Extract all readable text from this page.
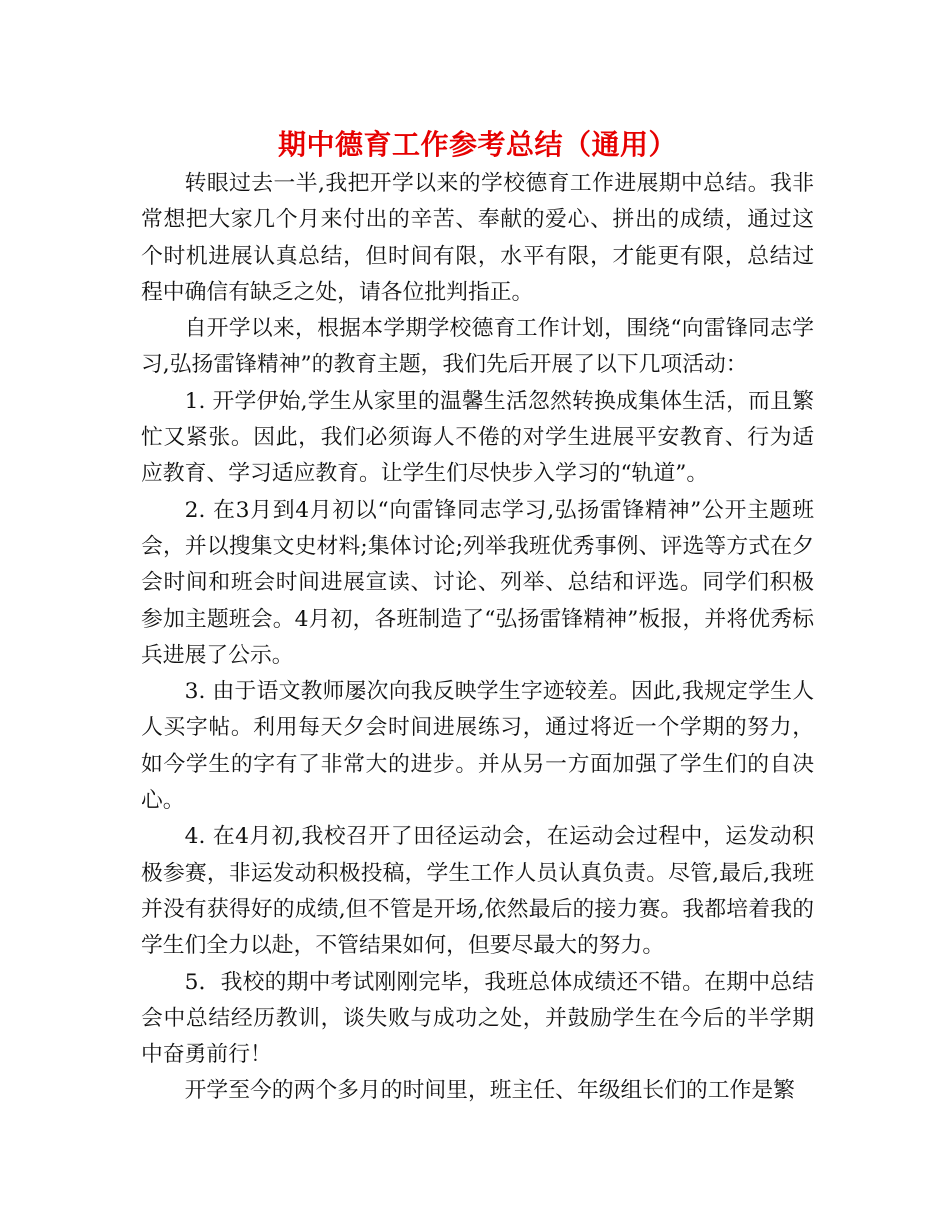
期中德育工作参考总结（通用）

转眼过去一半,我把开学以来的学校德育工作进展期中总结。我非常想把大家几个月来付出的辛苦、奉献的爱心、拼出的成绩，通过这个时机进展认真总结，但时间有限，水平有限，才能更有限，总结过程中确信有缺乏之处，请各位批判指正。

自开学以来，根据本学期学校德育工作计划，围绕“向雷锋同志学习,弘扬雷锋精神”的教育主题，我们先后开展了以下几项活动：

1. 开学伊始,学生从家里的温馨生活忽然转换成集体生活，而且繁忙又紧张。因此，我们必须诲人不倦的对学生进展平安教育、行为适应教育、学习适应教育。让学生们尽快步入学习的“轨道”。

2. 在3月到4月初以“向雷锋同志学习,弘扬雷锋精神”公开主题班会，并以搜集文史材料;集体讨论;列举我班优秀事例、评选等方式在夕会时间和班会时间进展宣读、讨论、列举、总结和评选。同学们积极参加主题班会。4月初，各班制造了“弘扬雷锋精神”板报，并将优秀标兵进展了公示。

3. 由于语文教师屡次向我反映学生字迹较差。因此,我规定学生人人买字帖。利用每天夕会时间进展练习，通过将近一个学期的努力，如今学生的字有了非常大的进步。并从另一方面加强了学生们的自决心。

4. 在4月初,我校召开了田径运动会，在运动会过程中，运发动积极参赛，非运发动积极投稿，学生工作人员认真负责。尽管,最后,我班并没有获得好的成绩,但不管是开场,依然最后的接力赛。我都培着我的学生们全力以赴，不管结果如何，但要尽最大的努力。

5．我校的期中考试刚刚完毕，我班总体成绩还不错。在期中总结会中总结经历教训，谈失败与成功之处，并鼓励学生在今后的半学期中奋勇前行！

开学至今的两个多月的时间里，班主任、年级组长们的工作是繁
